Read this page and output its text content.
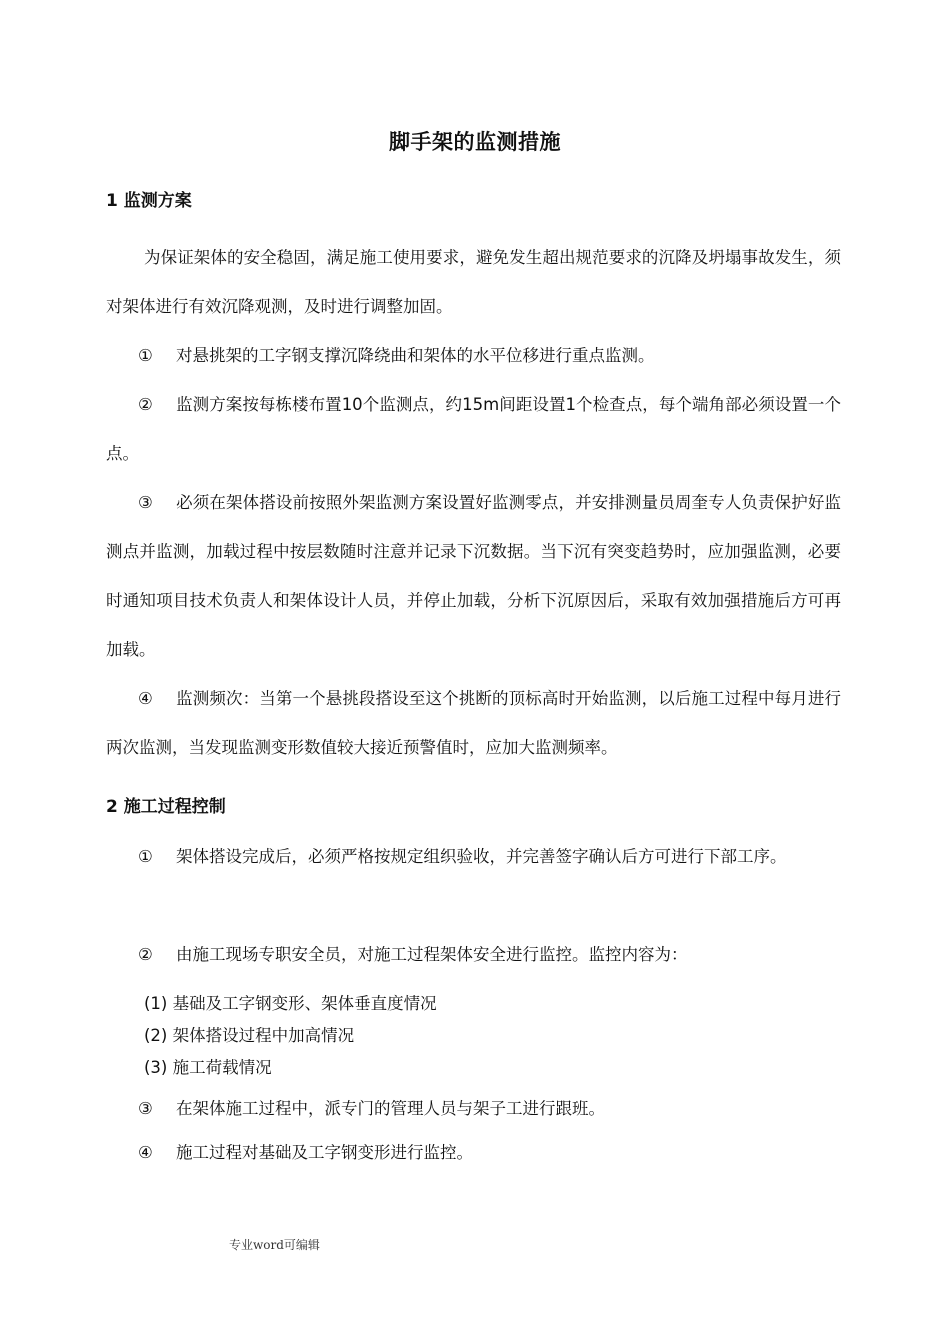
脚手架的监测措施
1 监测方案
为保证架体的安全稳固，满足施工使用要求，避免发生超出规范要求的沉降及坍塌事故发生，须对架体进行有效沉降观测，及时进行调整加固。
① 对悬挑架的工字钢支撑沉降绕曲和架体的水平位移进行重点监测。
② 监测方案按每栋楼布置10个监测点，约15m间距设置1个检查点，每个端角部必须设置一个点。
③ 必须在架体搭设前按照外架监测方案设置好监测零点，并安排测量员周奎专人负责保护好监测点并监测，加载过程中按层数随时注意并记录下沉数据。当下沉有突变趋势时，应加强监测，必要时通知项目技术负责人和架体设计人员，并停止加载，分析下沉原因后，采取有效加强措施后方可再加载。
④ 监测频次：当第一个悬挑段搭设至这个挑断的顶标高时开始监测，以后施工过程中每月进行两次监测，当发现监测变形数值较大接近预警值时，应加大监测频率。
2 施工过程控制
① 架体搭设完成后，必须严格按规定组织验收，并完善签字确认后方可进行下部工序。
② 由施工现场专职安全员，对施工过程架体安全进行监控。监控内容为：
(1) 基础及工字钢变形、架体垂直度情况
(2) 架体搭设过程中加高情况
(3) 施工荷载情况
③ 在架体施工过程中，派专门的管理人员与架子工进行跟班。
④ 施工过程对基础及工字钢变形进行监控。
专业word可编辑
